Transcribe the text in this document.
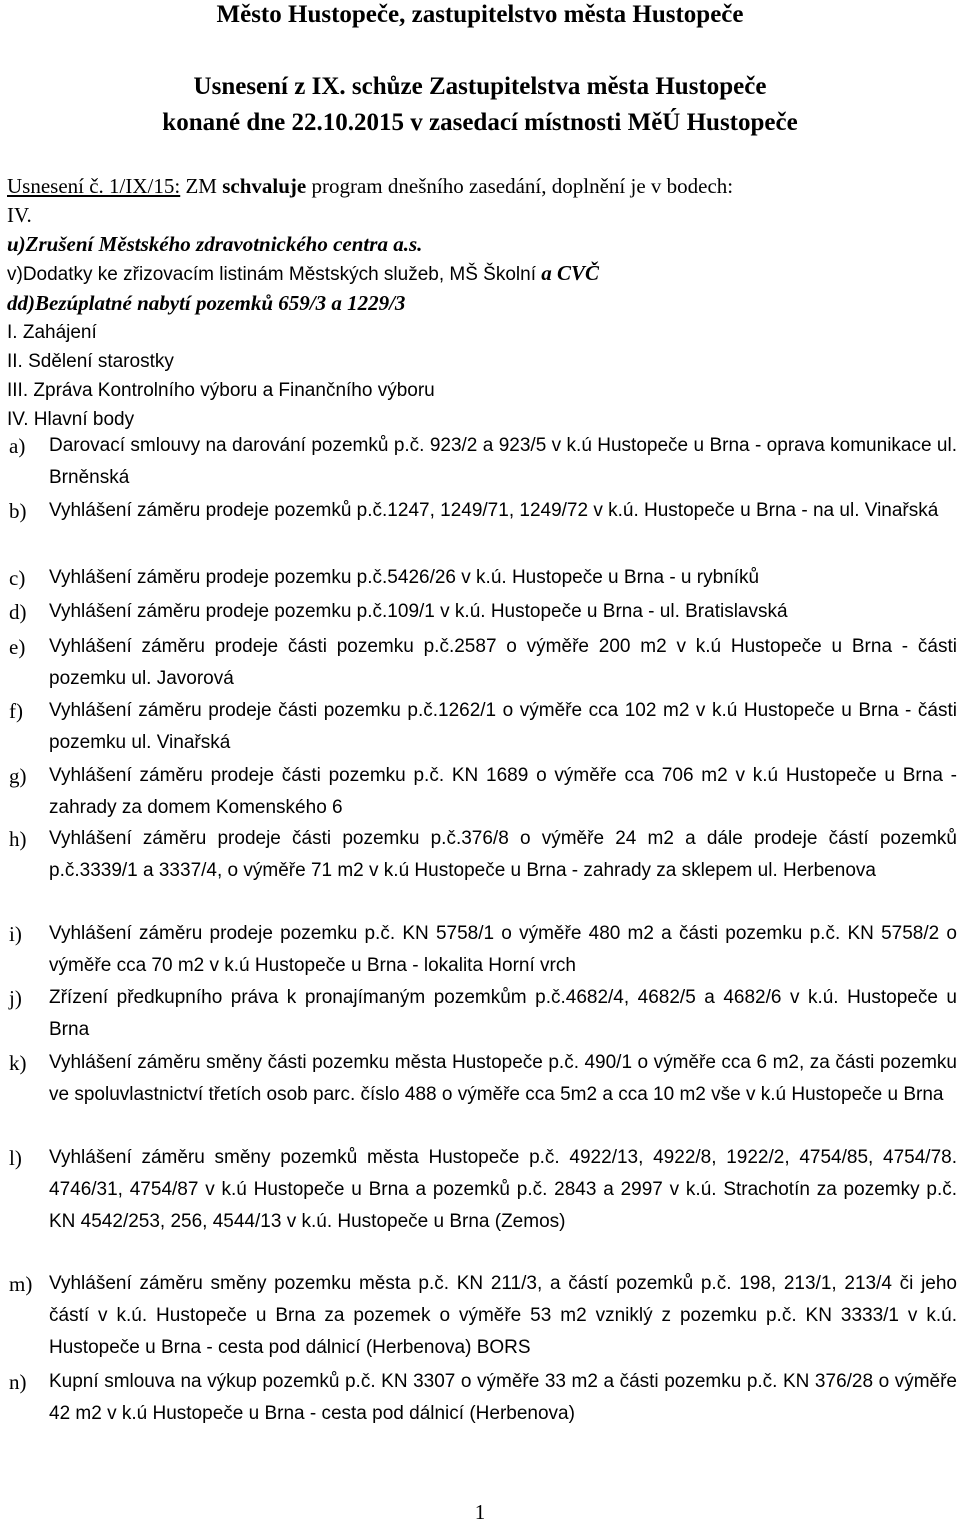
Město Hustopeče, zastupitelstvo města Hustopeče
Usnesení z IX. schůze Zastupitelstva města Hustopeče
konané dne 22.10.2015 v zasedací místnosti MěÚ Hustopeče
Usnesení č. 1/IX/15: ZM schvaluje program dnešního zasedání, doplnění je v bodech:
IV.
u)Zrušení Městského zdravotnického centra a.s.
v)Dodatky ke zřizovacím listinám Městských služeb, MŠ Školní a CVČ
dd)Bezúplatné nabytí pozemků 659/3 a 1229/3
I. Zahájení
II. Sdělení starostky
III. Zpráva Kontrolního výboru a Finančního výboru
IV. Hlavní body
a) Darovací smlouvy na darování pozemků p.č. 923/2 a 923/5 v k.ú Hustopeče u Brna - oprava komunikace ul. Brněnská
b) Vyhlášení záměru prodeje pozemků p.č.1247, 1249/71, 1249/72 v k.ú. Hustopeče u Brna - na ul. Vinařská
c) Vyhlášení záměru prodeje pozemku p.č.5426/26 v k.ú. Hustopeče u Brna - u rybníků
d) Vyhlášení záměru prodeje pozemku p.č.109/1 v k.ú. Hustopeče u Brna - ul. Bratislavská
e) Vyhlášení záměru prodeje části pozemku p.č.2587 o výměře 200 m2 v k.ú Hustopeče u Brna - části pozemku ul. Javorová
f) Vyhlášení záměru prodeje části pozemku p.č.1262/1 o výměře cca 102 m2 v k.ú Hustopeče u Brna - části pozemku ul. Vinařská
g) Vyhlášení záměru prodeje části pozemku p.č. KN 1689 o výměře cca 706 m2 v k.ú Hustopeče u Brna - zahrady za domem Komenského 6
h) Vyhlášení záměru prodeje části pozemku p.č.376/8 o výměře 24 m2 a dále prodeje částí pozemků p.č.3339/1 a 3337/4, o výměře 71 m2 v k.ú Hustopeče u Brna - zahrady za sklepem ul. Herbenova
i) Vyhlášení záměru prodeje pozemku p.č. KN 5758/1 o výměře 480 m2 a části pozemku p.č. KN 5758/2 o výměře cca 70 m2 v k.ú Hustopeče u Brna - lokalita Horní vrch
j) Zřízení předkupního práva k pronajímaným pozemkům p.č.4682/4, 4682/5 a 4682/6 v k.ú. Hustopeče u Brna
k) Vyhlášení záměru směny části pozemku města Hustopeče p.č. 490/1 o výměře cca 6 m2, za části pozemku ve spoluvlastnictví třetích osob parc. číslo 488 o výměře cca 5m2 a cca 10 m2 vše v k.ú Hustopeče u Brna
l) Vyhlášení záměru směny pozemků města Hustopeče p.č. 4922/13, 4922/8, 1922/2, 4754/85, 4754/78. 4746/31, 4754/87 v k.ú Hustopeče u Brna a pozemků p.č. 2843 a 2997 v k.ú. Strachotín za pozemky p.č. KN 4542/253, 256, 4544/13 v k.ú. Hustopeče u Brna (Zemos)
m) Vyhlášení záměru směny pozemku města p.č. KN 211/3, a částí pozemků p.č. 198, 213/1, 213/4 či jeho částí v k.ú. Hustopeče u Brna za pozemek o výměře 53 m2 vzniklý z pozemku p.č. KN 3333/1 v k.ú. Hustopeče u Brna - cesta pod dálnicí (Herbenova) BORS
n) Kupní smlouva na výkup pozemků p.č. KN 3307 o výměře 33 m2 a části pozemku p.č. KN 376/28 o výměře 42 m2 v k.ú Hustopeče u Brna - cesta pod dálnicí (Herbenova)
1
